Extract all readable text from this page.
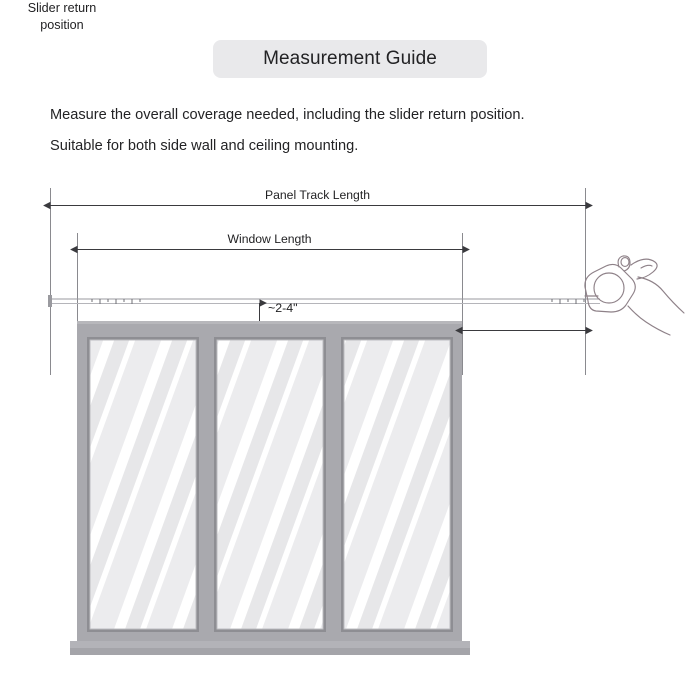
Measurement Guide
Measure the overall coverage needed, including the slider return position.
Suitable for both side wall and ceiling mounting.
Panel Track Length
Window Length
~2-4"
Slider return
position
